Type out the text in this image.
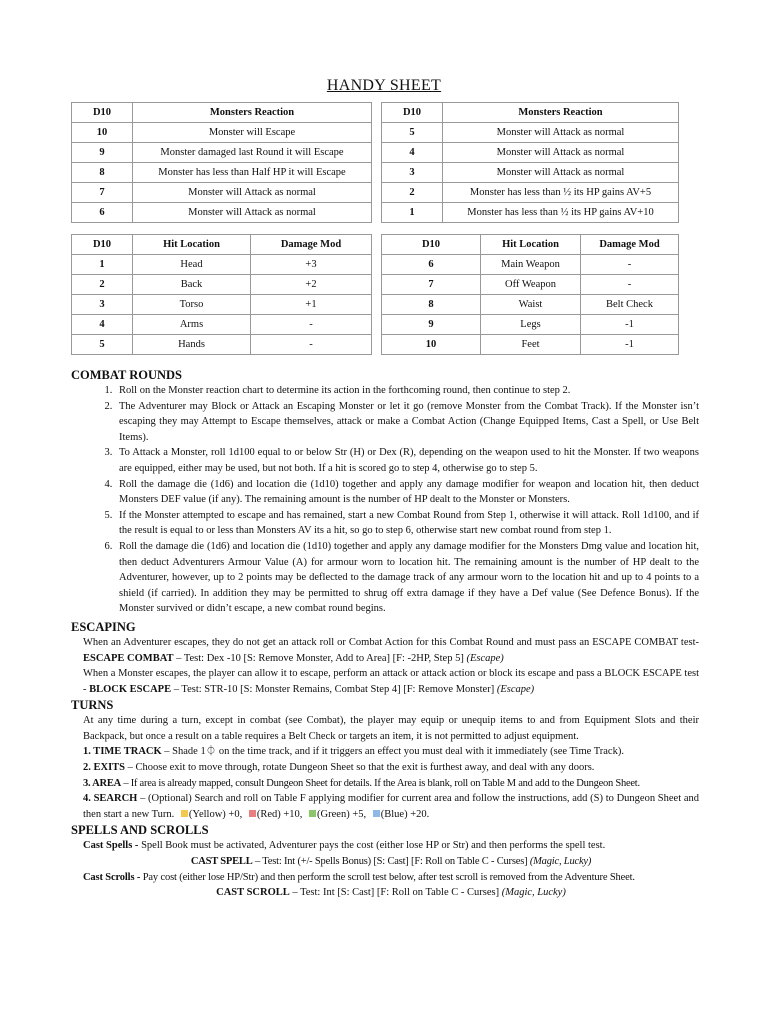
HANDY SHEET
D10	Monsters Reaction
10	Monster will Escape
9	Monster damaged last Round it will Escape
8	Monster has less than Half HP it will Escape
7	Monster will Attack as normal
6	Monster will Attack as normal
D10	Monsters Reaction
5	Monster will Attack as normal
4	Monster will Attack as normal
3	Monster will Attack as normal
2	Monster has less than ½ its HP gains AV+5
1	Monster has less than ½ its HP gains AV+10
D10	Hit Location	Damage Mod
1	Head	+3
2	Back	+2
3	Torso	+1
4	Arms	-
5	Hands	-
D10	Hit Location	Damage Mod
6	Main Weapon	-
7	Off Weapon	-
8	Waist	Belt Check
9	Legs	-1
10	Feet	-1
COMBAT ROUNDS
1. Roll on the Monster reaction chart to determine its action in the forthcoming round, then continue to step 2.
2. The Adventurer may Block or Attack an Escaping Monster or let it go (remove Monster from the Combat Track). If the Monster isn’t escaping they may Attempt to Escape themselves, attack or make a Combat Action (Change Equipped Items, Cast a Spell, or Use Belt Items).
3. To Attack a Monster, roll 1d100 equal to or below Str (H) or Dex (R), depending on the weapon used to hit the Monster. If two weapons are equipped, either may be used, but not both. If a hit is scored go to step 4, otherwise go to step 5.
4. Roll the damage die (1d6) and location die (1d10) together and apply any damage modifier for weapon and location hit, then deduct Monsters DEF value (if any). The remaining amount is the number of HP dealt to the Monster or Monsters.
5. If the Monster attempted to escape and has remained, start a new Combat Round from Step 1, otherwise it will attack. Roll 1d100, and if the result is equal to or less than Monsters AV its a hit, so go to step 6, otherwise start new combat round from step 1.
6. Roll the damage die (1d6) and location die (1d10) together and apply any damage modifier for the Monsters Dmg value and location hit, then deduct Adventurers Armour Value (A) for armour worn to location hit. The remaining amount is the number of HP dealt to the Adventurer, however, up to 2 points may be deflected to the damage track of any armour worn to the location hit and up to 4 points to a shield (if carried). In addition they may be permitted to shrug off extra damage if they have a Def value (See Defence Bonus). If the Monster survived or didn’t escape, a new combat round begins.
ESCAPING

When an Adventurer escapes, they do not get an attack roll or Combat Action for this Combat Round and must pass an ESCAPE COMBAT test- ESCAPE COMBAT – Test: Dex -10 [S: Remove Monster, Add to Area] [F: -2HP, Step 5] (Escape)

When a Monster escapes, the player can allow it to escape, perform an attack or attack action or block its escape and pass a BLOCK ESCAPE test - BLOCK ESCAPE – Test: STR-10 [S: Monster Remains, Combat Step 4] [F: Remove Monster] (Escape)

TURNS

At any time during a turn, except in combat (see Combat), the player may equip or unequip items to and from Equipment Slots and their Backpack, but once a result on a table requires a Belt Check or targets an item, it is not permitted to adjust equipment.

1. TIME TRACK – Shade 1⏀ on the time track, and if it triggers an effect you must deal with it immediately (see Time Track).

2. EXITS – Choose exit to move through, rotate Dungeon Sheet so that the exit is furthest away, and deal with any doors.

3. AREA – If area is already mapped, consult Dungeon Sheet for details. If the Area is blank, roll on Table M and add to the Dungeon Sheet.

4. SEARCH – (Optional) Search and roll on Table F applying modifier for current area and follow the instructions, add (S) to Dungeon Sheet and then start a new Turn. (Yellow) +0, (Red) +10, (Green) +5, (Blue) +20.

SPELLS AND SCROLLS

Cast Spells - Spell Book must be activated, Adventurer pays the cost (either lose HP or Str) and then performs the spell test.

CAST SPELL – Test: Int (+/- Spells Bonus) [S: Cast] [F: Roll on Table C - Curses] (Magic, Lucky)

Cast Scrolls - Pay cost (either lose HP/Str) and then perform the scroll test below, after test scroll is removed from the Adventure Sheet.

CAST SCROLL – Test: Int [S: Cast] [F: Roll on Table C - Curses] (Magic, Lucky)
